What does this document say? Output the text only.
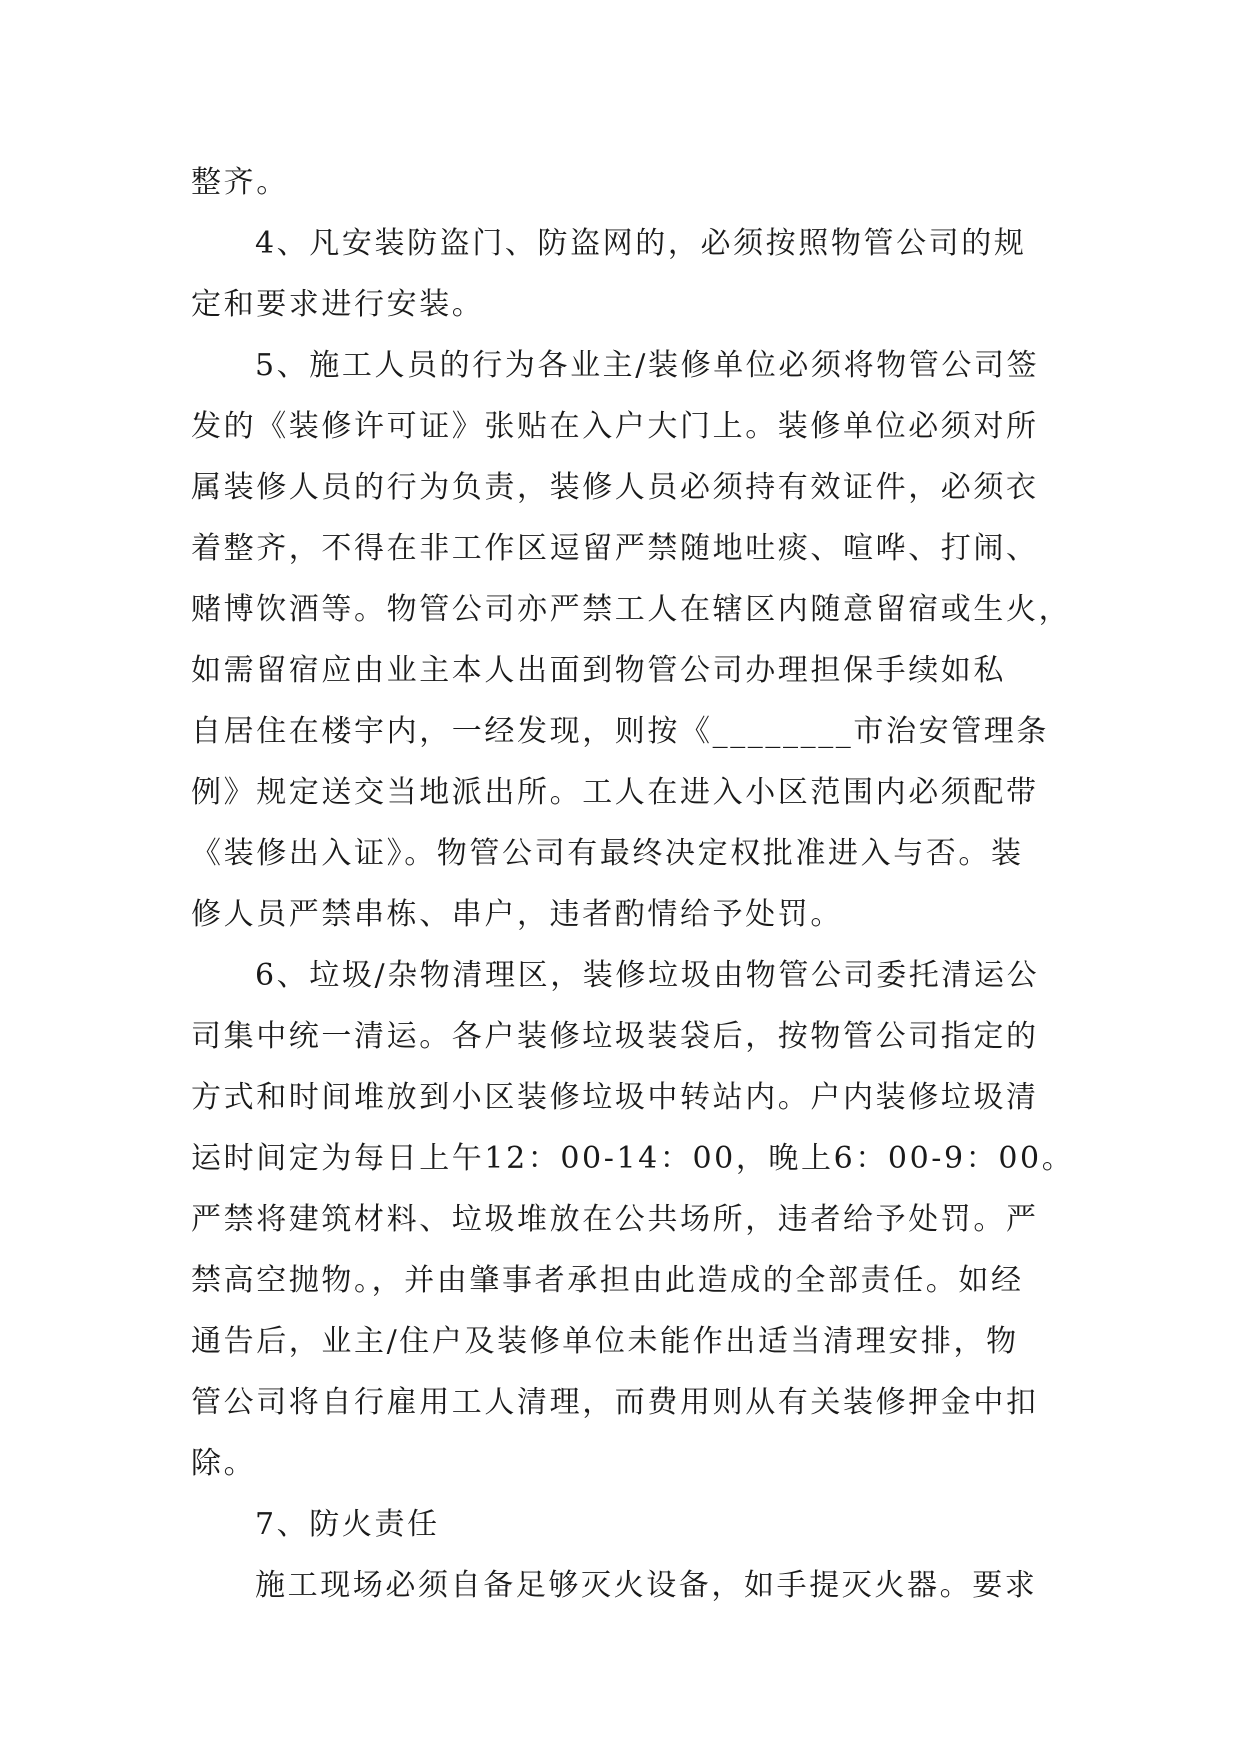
整齐。
4、凡安装防盗门、防盗网的，必须按照物管公司的规
定和要求进行安装。
5、施工人员的行为各业主/装修单位必须将物管公司签
发的《装修许可证》张贴在入户大门上。装修单位必须对所
属装修人员的行为负责，装修人员必须持有效证件，必须衣
着整齐，不得在非工作区逗留严禁随地吐痰、喧哗、打闹、
赌博饮酒等。物管公司亦严禁工人在辖区内随意留宿或生火，
如需留宿应由业主本人出面到物管公司办理担保手续如私
自居住在楼宇内，一经发现，则按《________市治安管理条
例》规定送交当地派出所。工人在进入小区范围内必须配带
《装修出入证》。物管公司有最终决定权批准进入与否。装
修人员严禁串栋、串户，违者酌情给予处罚。
6、垃圾/杂物清理区，装修垃圾由物管公司委托清运公
司集中统一清运。各户装修垃圾装袋后，按物管公司指定的
方式和时间堆放到小区装修垃圾中转站内。户内装修垃圾清
运时间定为每日上午12：00-14：00，晚上6：00-9：00。
严禁将建筑材料、垃圾堆放在公共场所，违者给予处罚。严
禁高空抛物。，并由肇事者承担由此造成的全部责任。如经
通告后，业主/住户及装修单位未能作出适当清理安排，物
管公司将自行雇用工人清理，而费用则从有关装修押金中扣
除。
7、防火责任
施工现场必须自备足够灭火设备，如手提灭火器。要求
